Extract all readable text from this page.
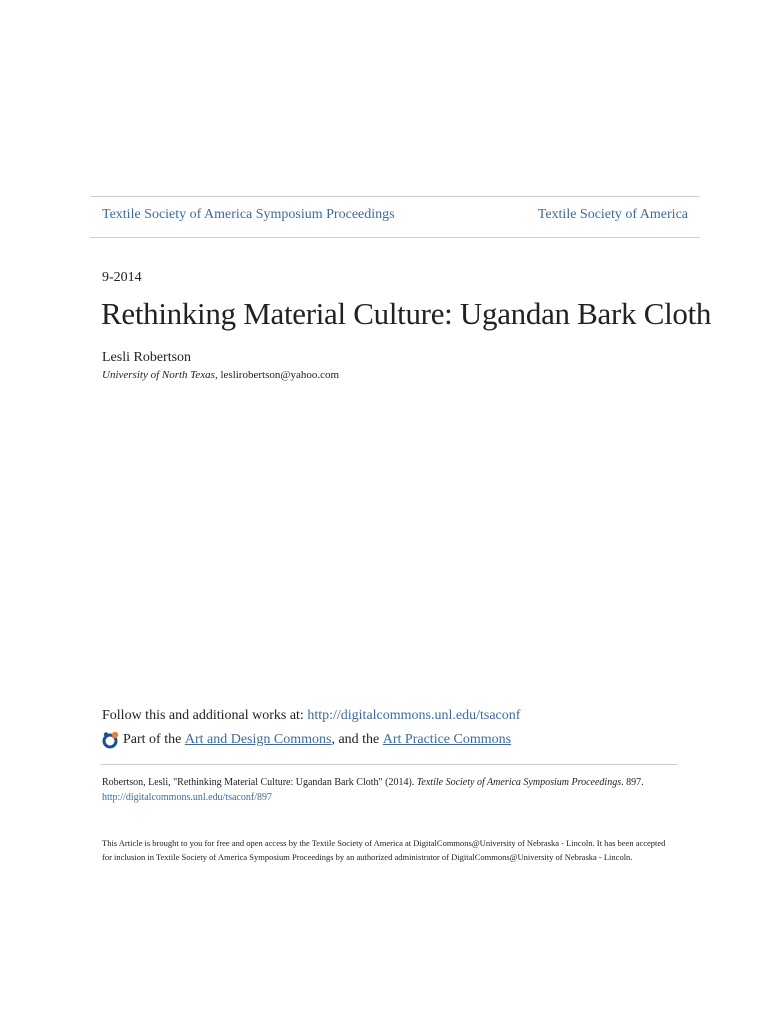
Textile Society of America Symposium Proceedings	Textile Society of America
9-2014
Rethinking Material Culture: Ugandan Bark Cloth
Lesli Robertson
University of North Texas, leslirobertson@yahoo.com
Follow this and additional works at: http://digitalcommons.unl.edu/tsaconf
Part of the
Art and Design Commons , and the
Art Practice Commons
Robertson, Lesli, "Rethinking Material Culture: Ugandan Bark Cloth" (2014). Textile Society of America Symposium Proceedings. 897.
http://digitalcommons.unl.edu/tsaconf/897
This Article is brought to you for free and open access by the Textile Society of America at DigitalCommons@University of Nebraska - Lincoln. It has been accepted for inclusion in Textile Society of America Symposium Proceedings by an authorized administrator of DigitalCommons@University of Nebraska - Lincoln.
